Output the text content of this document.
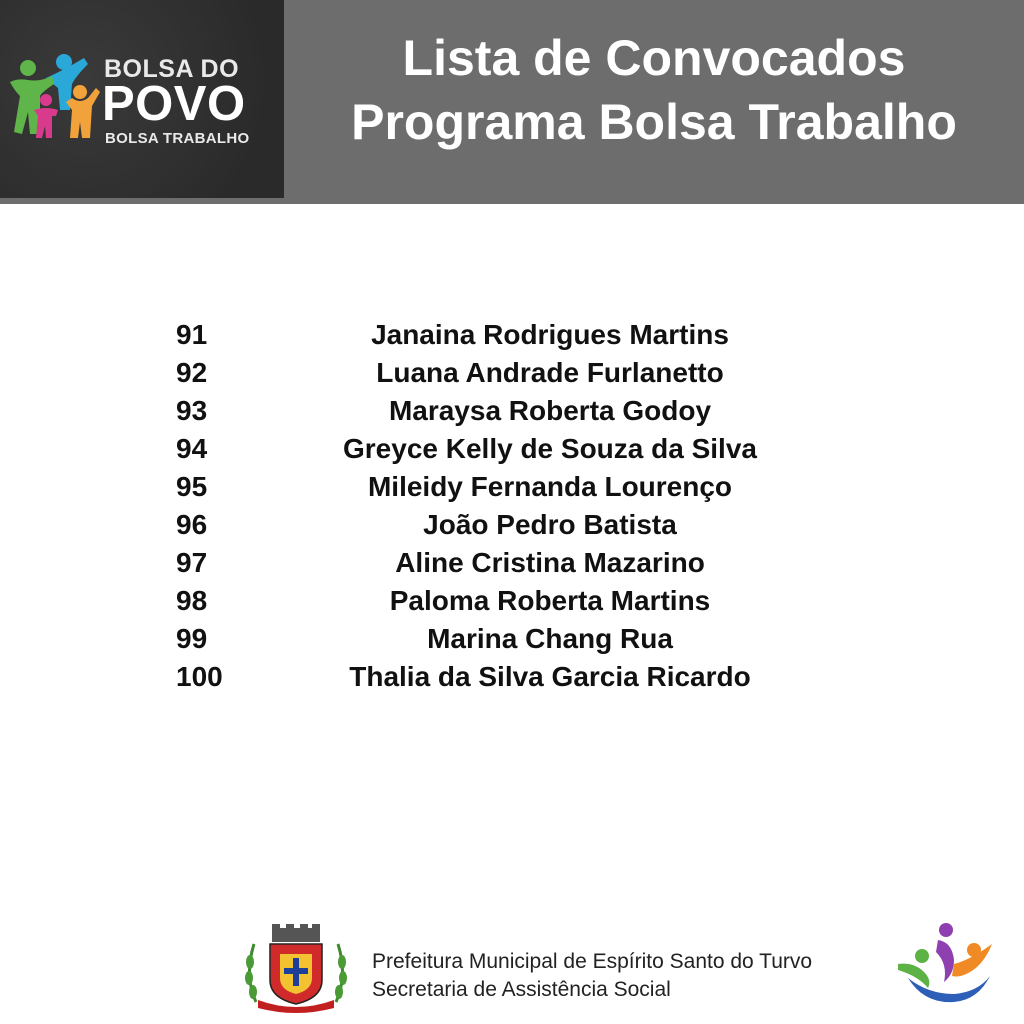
BOLSA DO
POVO
BOLSA TRABALHO
Lista de Convocados
Programa Bolsa Trabalho
91	Janaina Rodrigues Martins
92	Luana Andrade Furlanetto
93	Maraysa Roberta Godoy
94	Greyce Kelly de Souza da Silva
95	Mileidy Fernanda Lourenço
96	João Pedro Batista
97	Aline Cristina Mazarino
98	Paloma Roberta Martins
99	Marina Chang Rua
100	Thalia da Silva Garcia Ricardo
Prefeitura Municipal de Espírito Santo do Turvo
Secretaria de Assistência Social
